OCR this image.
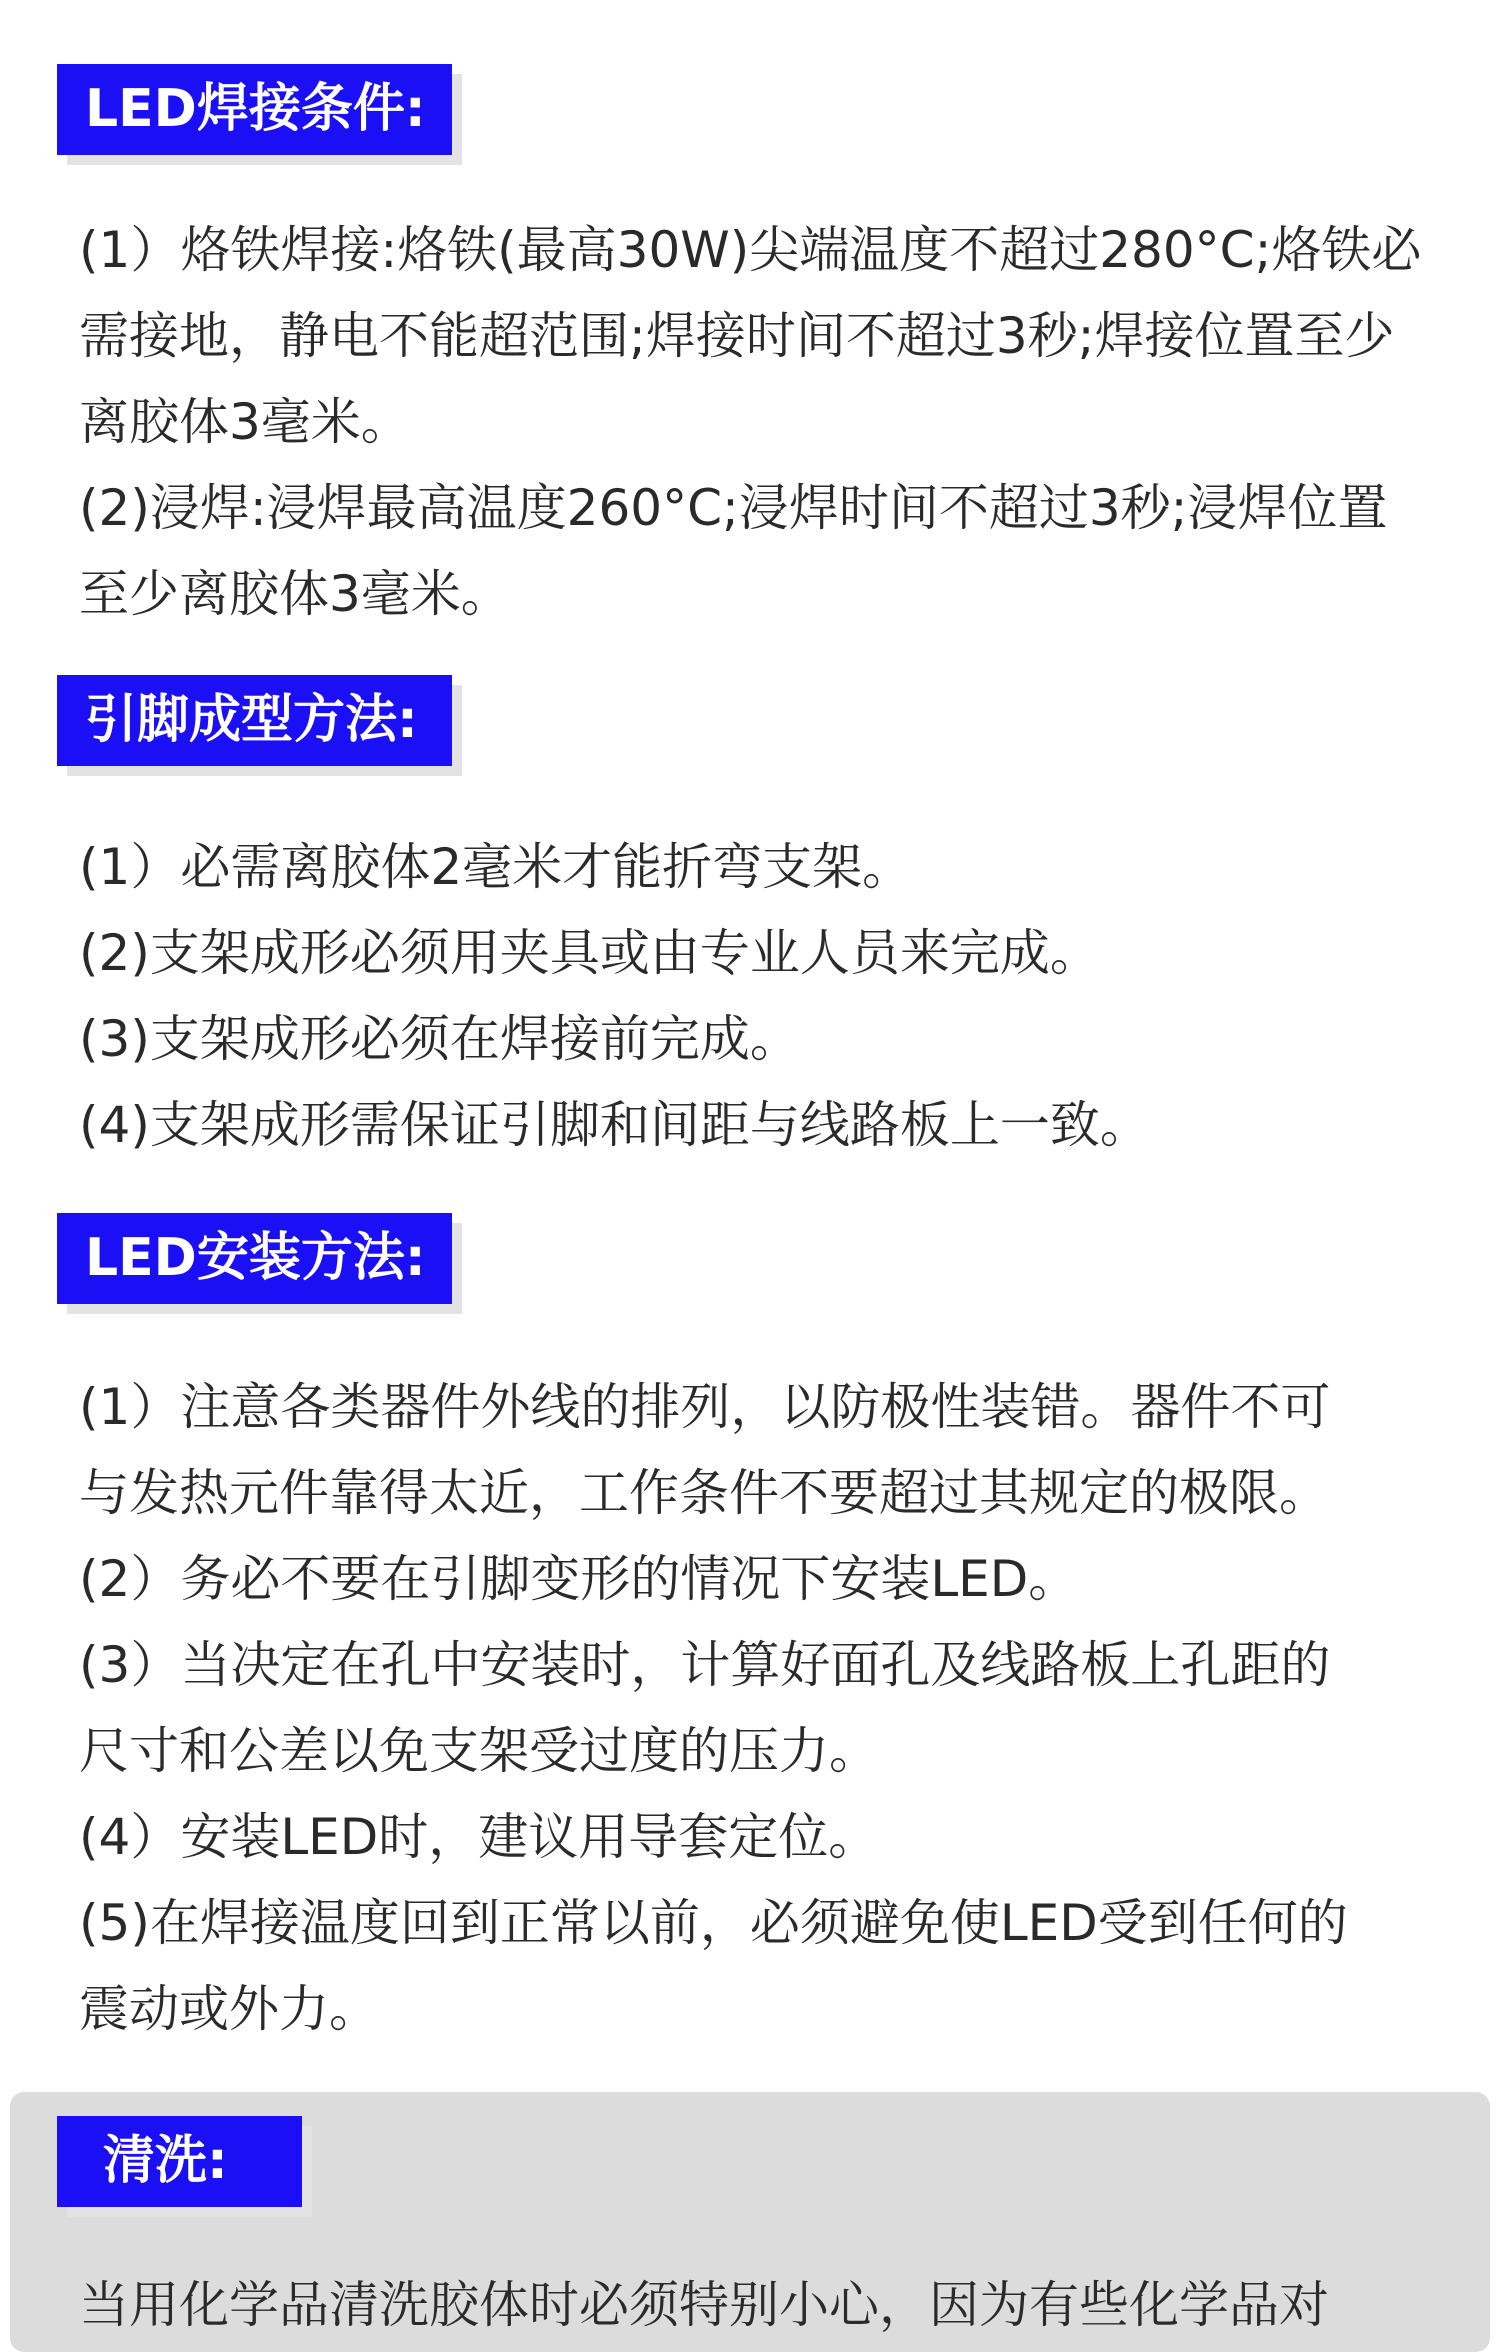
LED焊接条件:
(1）烙铁焊接:烙铁(最高30W)尖端温度不超过280°C;烙铁必
需接地，静电不能超范围;焊接时间不超过3秒;焊接位置至少
离胶体3毫米。
(2)浸焊:浸焊最高温度260°C;浸焊时间不超过3秒;浸焊位置
至少离胶体3毫米。
引脚成型方法:
(1）必需离胶体2毫米才能折弯支架。
(2)支架成形必须用夹具或由专业人员来完成。
(3)支架成形必须在焊接前完成。
(4)支架成形需保证引脚和间距与线路板上一致。
LED安装方法:
(1）注意各类器件外线的排列，以防极性装错。器件不可
与发热元件靠得太近，工作条件不要超过其规定的极限。
(2）务必不要在引脚变形的情况下安装LED。
(3）当决定在孔中安装时，计算好面孔及线路板上孔距的
尺寸和公差以免支架受过度的压力。
(4）安装LED时，建议用导套定位。
(5)在焊接温度回到正常以前，必须避免使LED受到任何的
震动或外力。
清洗:
当用化学品清洗胶体时必须特别小心，因为有些化学品对
